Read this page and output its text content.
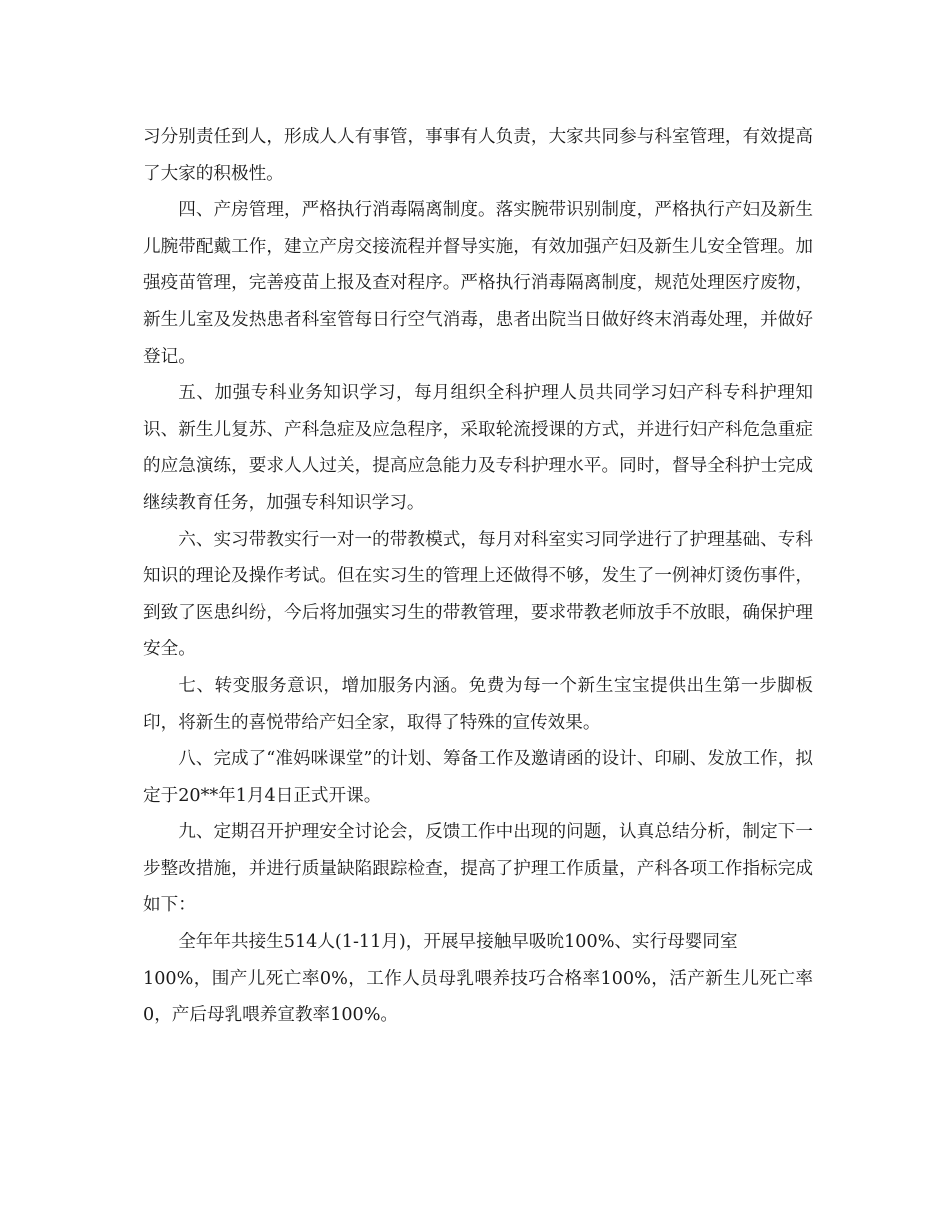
习分别责任到人，形成人人有事管，事事有人负责，大家共同参与科室管理，有效提高了大家的积极性。

四、产房管理，严格执行消毒隔离制度。落实腕带识别制度，严格执行产妇及新生儿腕带配戴工作，建立产房交接流程并督导实施，有效加强产妇及新生儿安全管理。加强疫苗管理，完善疫苗上报及查对程序。严格执行消毒隔离制度，规范处理医疗废物，新生儿室及发热患者科室管每日行空气消毒，患者出院当日做好终末消毒处理，并做好登记。

五、加强专科业务知识学习，每月组织全科护理人员共同学习妇产科专科护理知识、新生儿复苏、产科急症及应急程序，采取轮流授课的方式，并进行妇产科危急重症的应急演练，要求人人过关，提高应急能力及专科护理水平。同时，督导全科护士完成继续教育任务，加强专科知识学习。

六、实习带教实行一对一的带教模式，每月对科室实习同学进行了护理基础、专科知识的理论及操作考试。但在实习生的管理上还做得不够，发生了一例神灯烫伤事件，到致了医患纠纷，今后将加强实习生的带教管理，要求带教老师放手不放眼，确保护理安全。

七、转变服务意识，增加服务内涵。免费为每一个新生宝宝提供出生第一步脚板印，将新生的喜悦带给产妇全家，取得了特殊的宣传效果。

八、完成了“准妈咪课堂”的计划、筹备工作及邀请函的设计、印刷、发放工作，拟定于20**年1月4日正式开课。

九、定期召开护理安全讨论会，反馈工作中出现的问题，认真总结分析，制定下一步整改措施，并进行质量缺陷跟踪检查，提高了护理工作质量，产科各项工作指标完成如下：

全年年共接生514人(1-11月)，开展早接触早吸吮100%、实行母婴同室

100%，围产儿死亡率0%，工作人员母乳喂养技巧合格率100%，活产新生儿死亡率0，产后母乳喂养宣教率100%。
